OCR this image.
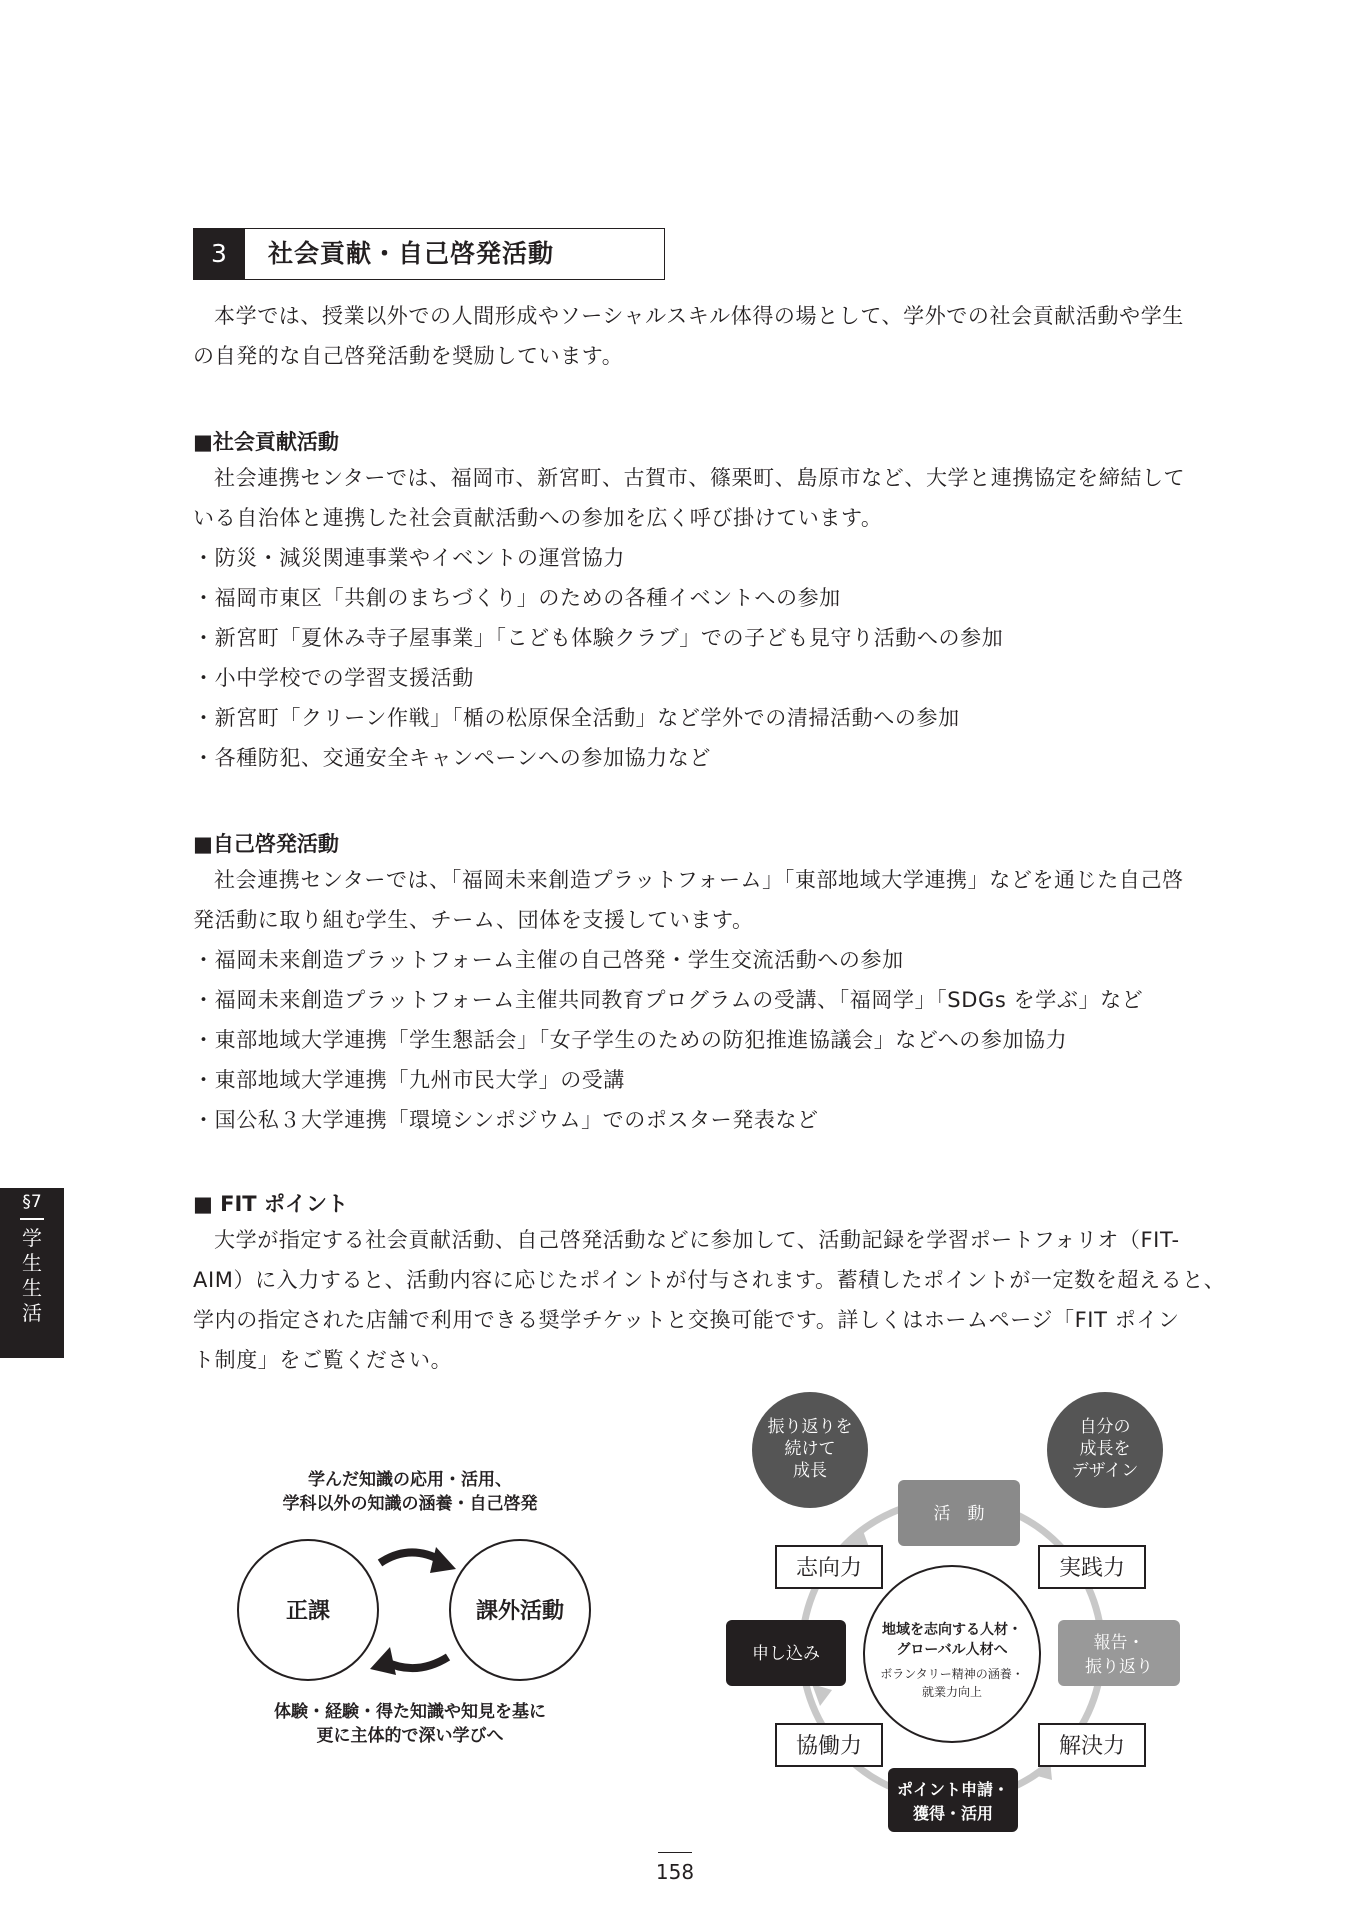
3	社会貢献・自己啓発活動
本学では、授業以外での人間形成やソーシャルスキル体得の場として、学外での社会貢献活動や学生
の自発的な自己啓発活動を奨励しています。
■社会貢献活動
社会連携センターでは、福岡市、新宮町、古賀市、篠栗町、島原市など、大学と連携協定を締結して
いる自治体と連携した社会貢献活動への参加を広く呼び掛けています。
・防災・減災関連事業やイベントの運営協力
・福岡市東区「共創のまちづくり」のための各種イベントへの参加
・新宮町「夏休み寺子屋事業」「こども体験クラブ」での子ども見守り活動への参加
・小中学校での学習支援活動
・新宮町「クリーン作戦」「楯の松原保全活動」など学外での清掃活動への参加
・各種防犯、交通安全キャンペーンへの参加協力など
■自己啓発活動
社会連携センターでは、「福岡未来創造プラットフォーム」「東部地域大学連携」などを通じた自己啓
発活動に取り組む学生、チーム、団体を支援しています。
・福岡未来創造プラットフォーム主催の自己啓発・学生交流活動への参加
・福岡未来創造プラットフォーム主催共同教育プログラムの受講、「福岡学」「SDGs を学ぶ」など
・東部地域大学連携「学生懇話会」「女子学生のための防犯推進協議会」などへの参加協力
・東部地域大学連携「九州市民大学」の受講
・国公私３大学連携「環境シンポジウム」でのポスター発表など
■ FIT ポイント
大学が指定する社会貢献活動、自己啓発活動などに参加して、活動記録を学習ポートフォリオ（FIT-
AIM）に入力すると、活動内容に応じたポイントが付与されます。蓄積したポイントが一定数を超えると、
学内の指定された店舗で利用できる奨学チケットと交換可能です。詳しくはホームページ「FIT ポイン
ト制度」をご覧ください。
§7
学生生活
学んだ知識の応用・活用、
学科以外の知識の涵養・自己啓発
正課	課外活動
体験・経験・得た知識や知見を基に
更に主体的で深い学びへ
振り返りを
続けて
成長
自分の
成長を
デザイン
活　動
報告・
振り返り
ポイント申請・
獲得・活用
申し込み
志向力	実践力
協働力	解決力
地域を志向する人材・
グローバル人材へ
ボランタリー精神の涵養・
就業力向上
158
